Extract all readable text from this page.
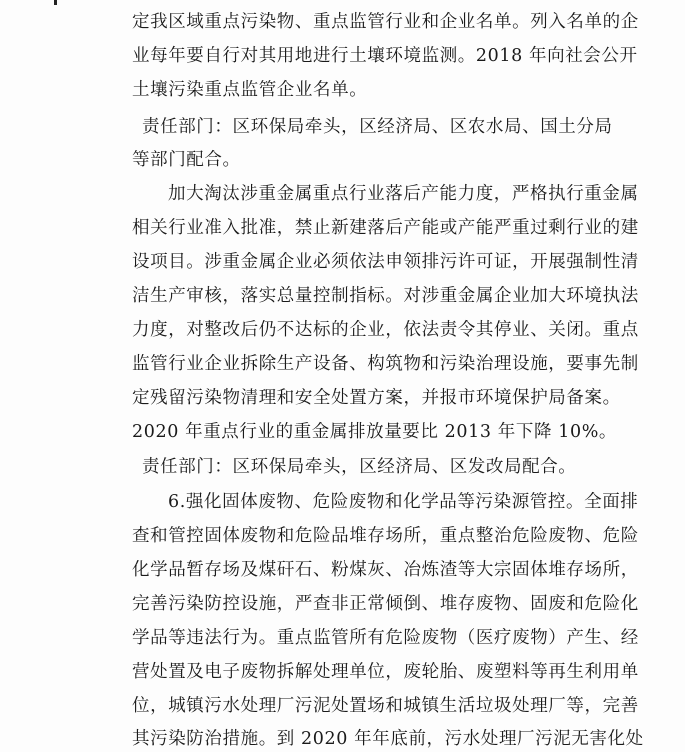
定我区域重点污染物、重点监管行业和企业名单。列入名单的企
业每年要自行对其用地进行土壤环境监测。2018 年向社会公开
土壤污染重点监管企业名单。
责任部门：区环保局牵头，区经济局、区农水局、国土分局
等部门配合。
加大淘汰涉重金属重点行业落后产能力度，严格执行重金属
相关行业准入批准，禁止新建落后产能或产能严重过剩行业的建
设项目。涉重金属企业必须依法申领排污许可证，开展强制性清
洁生产审核，落实总量控制指标。对涉重金属企业加大环境执法
力度，对整改后仍不达标的企业，依法责令其停业、关闭。重点
监管行业企业拆除生产设备、构筑物和污染治理设施，要事先制
定残留污染物清理和安全处置方案，并报市环境保护局备案。
2020 年重点行业的重金属排放量要比 2013 年下降 10%。
责任部门：区环保局牵头，区经济局、区发改局配合。
6.强化固体废物、危险废物和化学品等污染源管控。全面排
查和管控固体废物和危险品堆存场所，重点整治危险废物、危险
化学品暂存场及煤矸石、粉煤灰、冶炼渣等大宗固体堆存场所，
完善污染防控设施，严查非正常倾倒、堆存废物、固废和危险化
学品等违法行为。重点监管所有危险废物（医疗废物）产生、经
营处置及电子废物拆解处理单位，废轮胎、废塑料等再生利用单
位，城镇污水处理厂污泥处置场和城镇生活垃圾处理厂等，完善
其污染防治措施。到 2020 年年底前，污水处理厂污泥无害化处
